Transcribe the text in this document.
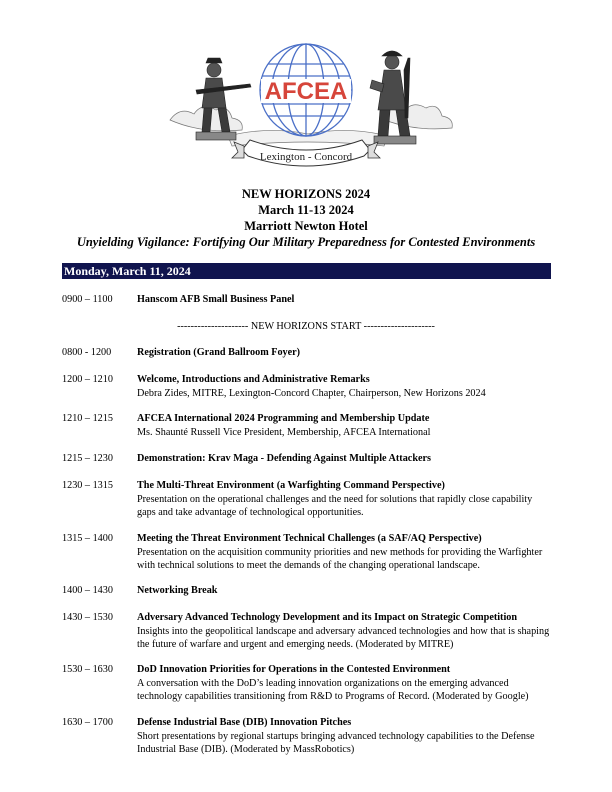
AFCEA
Lexington - Concord
NEW HORIZONS 2024
March 11-13 2024
Marriott Newton Hotel
Unyielding Vigilance: Fortifying Our Military Preparedness for Contested Environments
Monday, March 11, 2024
0900 – 1100	Hanscom AFB Small Business Panel
--------------------- NEW HORIZONS START ---------------------
0800 - 1200	Registration (Grand Ballroom Foyer)
1200 – 1210	Welcome, Introductions and Administrative Remarks
Debra Zides, MITRE, Lexington-Concord Chapter, Chairperson, New Horizons 2024
1210 – 1215	AFCEA International 2024 Programming and Membership Update
Ms. Shaunté Russell Vice President, Membership, AFCEA International
1215 – 1230	Demonstration: Krav Maga - Defending Against Multiple Attackers
1230 – 1315	The Multi-Threat Environment (a Warfighting Command Perspective)
Presentation on the operational challenges and the need for solutions that rapidly close capability gaps and take advantage of technological opportunities.
1315 – 1400	Meeting the Threat Environment Technical Challenges (a SAF/AQ Perspective)
Presentation on the acquisition community priorities and new methods for providing the Warfighter with technical solutions to meet the demands of the changing operational landscape.
1400 – 1430	Networking Break
1430 – 1530	Adversary Advanced Technology Development and its Impact on Strategic Competition
Insights into the geopolitical landscape and adversary advanced technologies and how that is shaping the future of warfare and urgent and emerging needs. (Moderated by MITRE)
1530 – 1630	DoD Innovation Priorities for Operations in the Contested Environment
A conversation with the DoD’s leading innovation organizations on the emerging advanced technology capabilities transitioning from R&D to Programs of Record. (Moderated by Google)
1630 – 1700	Defense Industrial Base (DIB) Innovation Pitches
Short presentations by regional startups bringing advanced technology capabilities to the Defense Industrial Base (DIB). (Moderated by MassRobotics)
